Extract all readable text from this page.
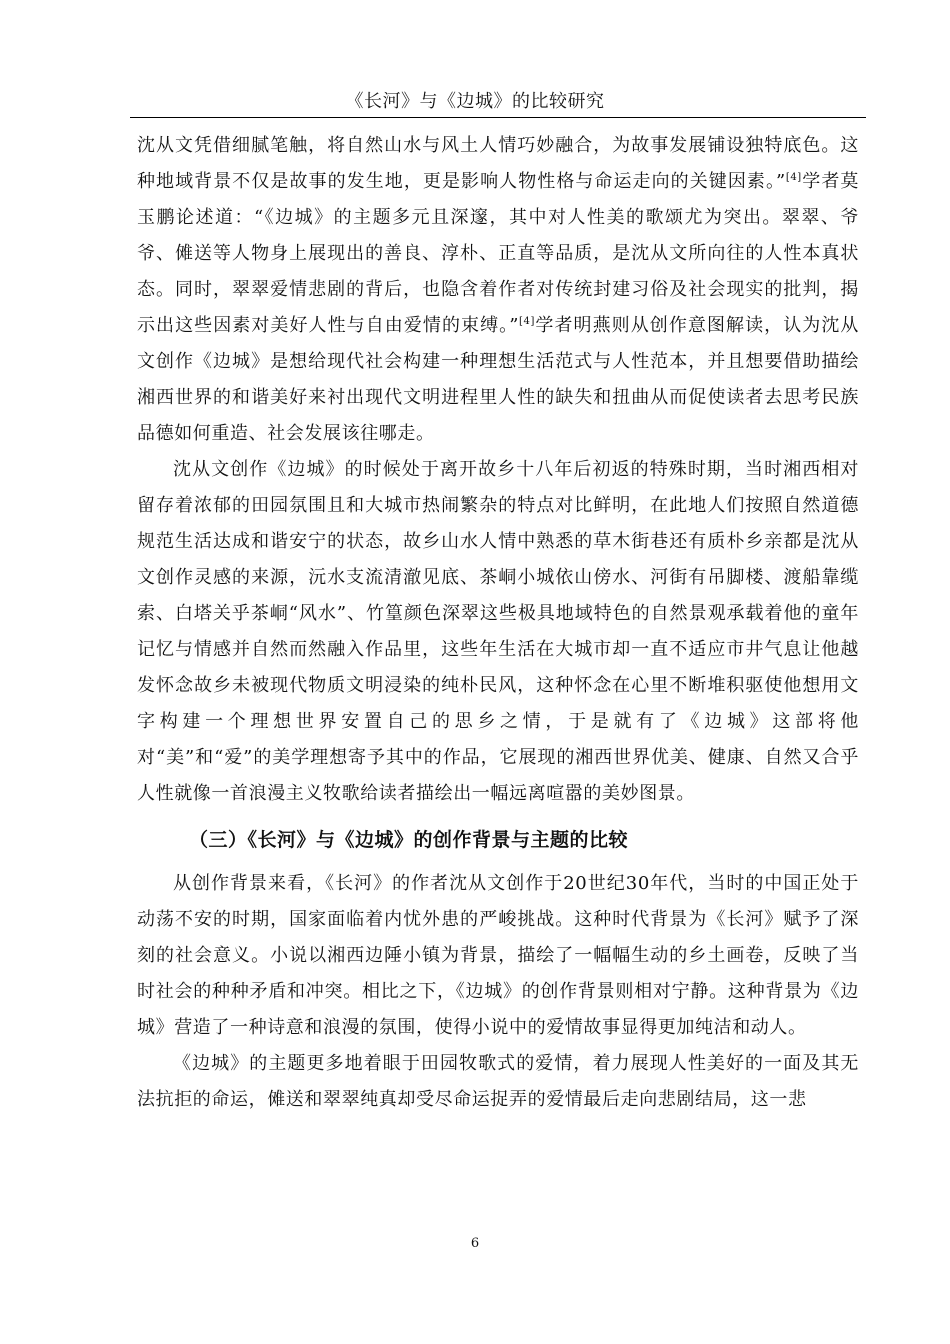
《长河》与《边城》的比较研究

沈从文凭借细腻笔触，将自然山水与风土人情巧妙融合，为故事发展铺设独特底色。这种地域背景不仅是故事的发生地，更是影响人物性格与命运走向的关键因素。”[4]学者莫玉鹏论述道：“《边城》的主题多元且深邃，其中对人性美的歌颂尤为突出。翠翠、爷爷、傩送等人物身上展现出的善良、淳朴、正直等品质，是沈从文所向往的人性本真状态。同时，翠翠爱情悲剧的背后，也隐含着作者对传统封建习俗及社会现实的批判，揭示出这些因素对美好人性与自由爱情的束缚。”[4]学者明燕则从创作意图解读，认为沈从文创作《边城》是想给现代社会构建一种理想生活范式与人性范本，并且想要借助描绘湘西世界的和谐美好来衬出现代文明进程里人性的缺失和扭曲从而促使读者去思考民族品德如何重造、社会发展该往哪走。

沈从文创作《边城》的时候处于离开故乡十八年后初返的特殊时期，当时湘西相对留存着浓郁的田园氛围且和大城市热闹繁杂的特点对比鲜明，在此地人们按照自然道德规范生活达成和谐安宁的状态，故乡山水人情中熟悉的草木街巷还有质朴乡亲都是沈从文创作灵感的来源，沅水支流清澈见底、茶峒小城依山傍水、河街有吊脚楼、渡船靠缆索、白塔关乎茶峒“风水”、竹篁颜色深翠这些极具地域特色的自然景观承载着他的童年记忆与情感并自然而然融入作品里，这些年生活在大城市却一直不适应市井气息让他越发怀念故乡未被现代物质文明浸染的纯朴民风，这种怀念在心里不断堆积驱使他想用文字构建一个理想世界安置自己的思乡之情，于是就有了《边城》这部将他对“美”和“爱”的美学理想寄予其中的作品，它展现的湘西世界优美、健康、自然又合乎人性就像一首浪漫主义牧歌给读者描绘出一幅远离喧嚣的美妙图景。

（三）《长河》与《边城》的创作背景与主题的比较

从创作背景来看，《长河》的作者沈从文创作于20世纪30年代，当时的中国正处于动荡不安的时期，国家面临着内忧外患的严峻挑战。这种时代背景为《长河》赋予了深刻的社会意义。小说以湘西边陲小镇为背景，描绘了一幅幅生动的乡土画卷，反映了当时社会的种种矛盾和冲突。相比之下，《边城》的创作背景则相对宁静。这种背景为《边城》营造了一种诗意和浪漫的氛围，使得小说中的爱情故事显得更加纯洁和动人。

《边城》的主题更多地着眼于田园牧歌式的爱情，着力展现人性美好的一面及其无法抗拒的命运，傩送和翠翠纯真却受尽命运捉弄的爱情最后走向悲剧结局，这一悲

6
